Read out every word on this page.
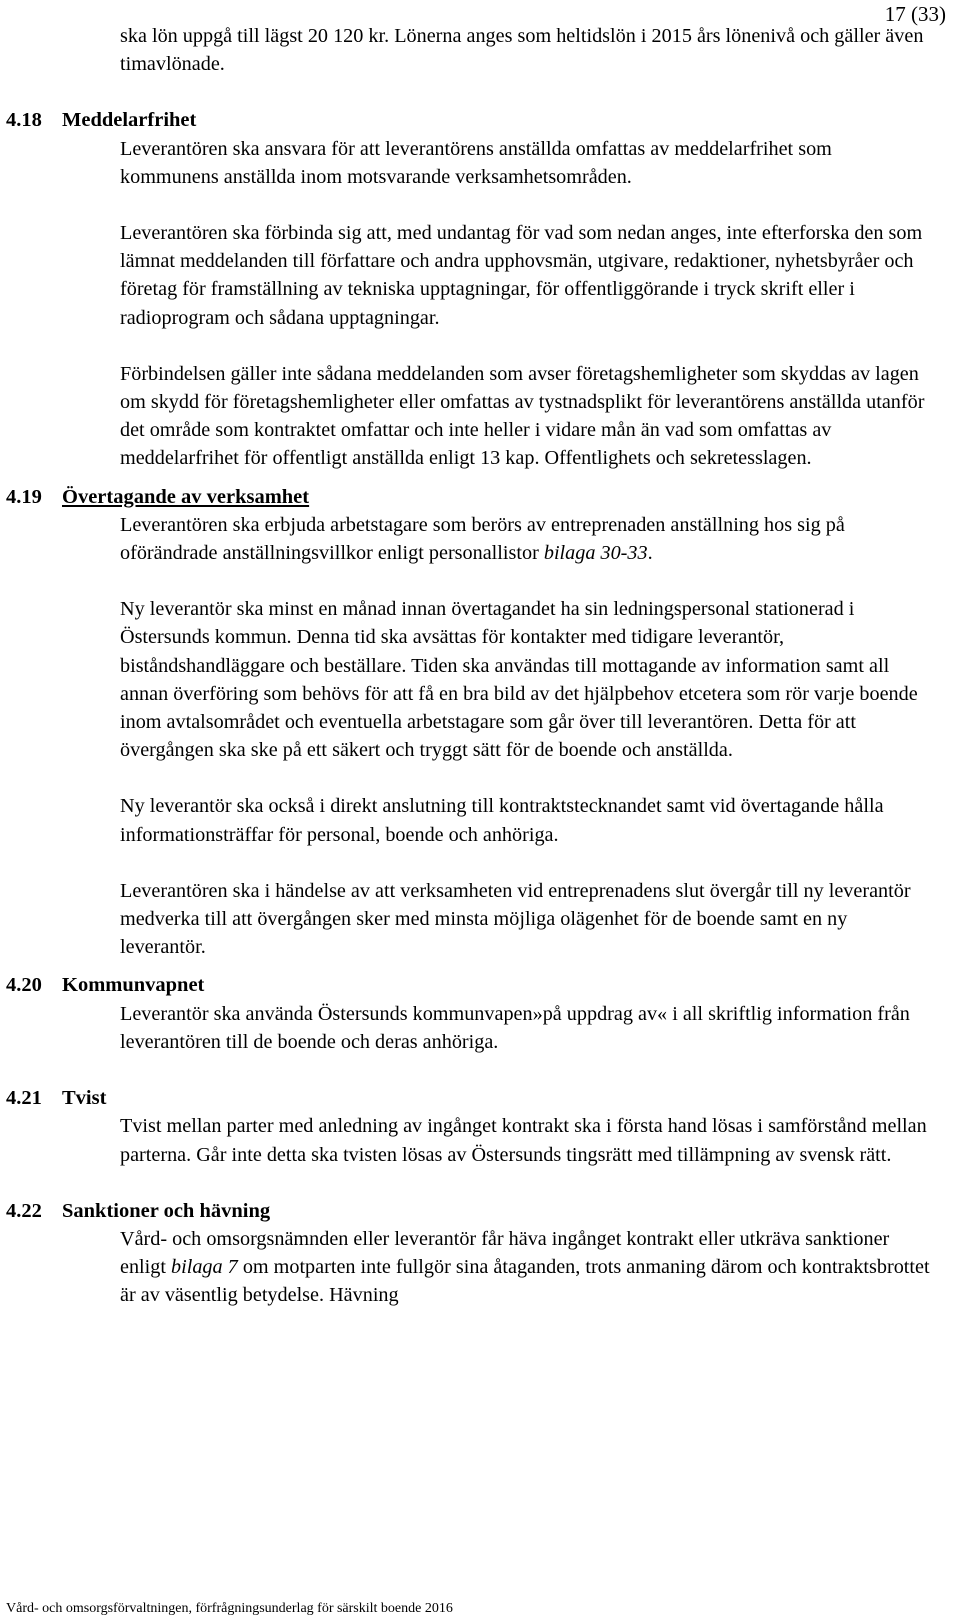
17 (33)

ska lön uppgå till lägst 20 120 kr. Lönerna anges som heltidslön i 2015 års lönenivå och gäller även timavlönade.

4.18 Meddelarfrihet

Leverantören ska ansvara för att leverantörens anställda omfattas av meddelarfrihet som kommunens anställda inom motsvarande verksamhetsområden.

Leverantören ska förbinda sig att, med undantag för vad som nedan anges, inte efterforska den som lämnat meddelanden till författare och andra upphovsmän, utgivare, redaktioner, nyhetsbyråer och företag för framställning av tekniska upptagningar, för offentliggörande i tryck skrift eller i radioprogram och sådana upptagningar.

Förbindelsen gäller inte sådana meddelanden som avser företagshemligheter som skyddas av lagen om skydd för företagshemligheter eller omfattas av tystnadsplikt för leverantörens anställda utanför det område som kontraktet omfattar och inte heller i vidare mån än vad som omfattas av meddelarfrihet för offentligt anställda enligt 13 kap. Offentlighets och sekretesslagen.

4.19 Övertagande av verksamhet

Leverantören ska erbjuda arbetstagare som berörs av entreprenaden anställning hos sig på oförändrade anställningsvillkor enligt personallistor bilaga 30-33.

Ny leverantör ska minst en månad innan övertagandet ha sin ledningspersonal stationerad i Östersunds kommun. Denna tid ska avsättas för kontakter med tidigare leverantör, biståndshandläggare och beställare. Tiden ska användas till mottagande av information samt all annan överföring som behövs för att få en bra bild av det hjälpbehov etcetera som rör varje boende inom avtalsområdet och eventuella arbetstagare som går över till leverantören. Detta för att övergången ska ske på ett säkert och tryggt sätt för de boende och anställda.

Ny leverantör ska också i direkt anslutning till kontraktstecknandet samt vid övertagande hålla informationsträffar för personal, boende och anhöriga.

Leverantören ska i händelse av att verksamheten vid entreprenadens slut övergår till ny leverantör medverka till att övergången sker med minsta möjliga olägenhet för de boende samt en ny leverantör.

4.20 Kommunvapnet

Leverantör ska använda Östersunds kommunvapen»på uppdrag av« i all skriftlig information från leverantören till de boende och deras anhöriga.

4.21 Tvist

Tvist mellan parter med anledning av ingånget kontrakt ska i första hand lösas i samförstånd mellan parterna. Går inte detta ska tvisten lösas av Östersunds tingsrätt med tillämpning av svensk rätt.

4.22 Sanktioner och hävning

Vård- och omsorgsnämnden eller leverantör får häva ingånget kontrakt eller utkräva sanktioner enligt bilaga 7 om motparten inte fullgör sina åtaganden, trots anmaning därom och kontraktsbrottet är av väsentlig betydelse. Hävning

Vård- och omsorgsförvaltningen, förfrågningsunderlag för särskilt boende 2016
